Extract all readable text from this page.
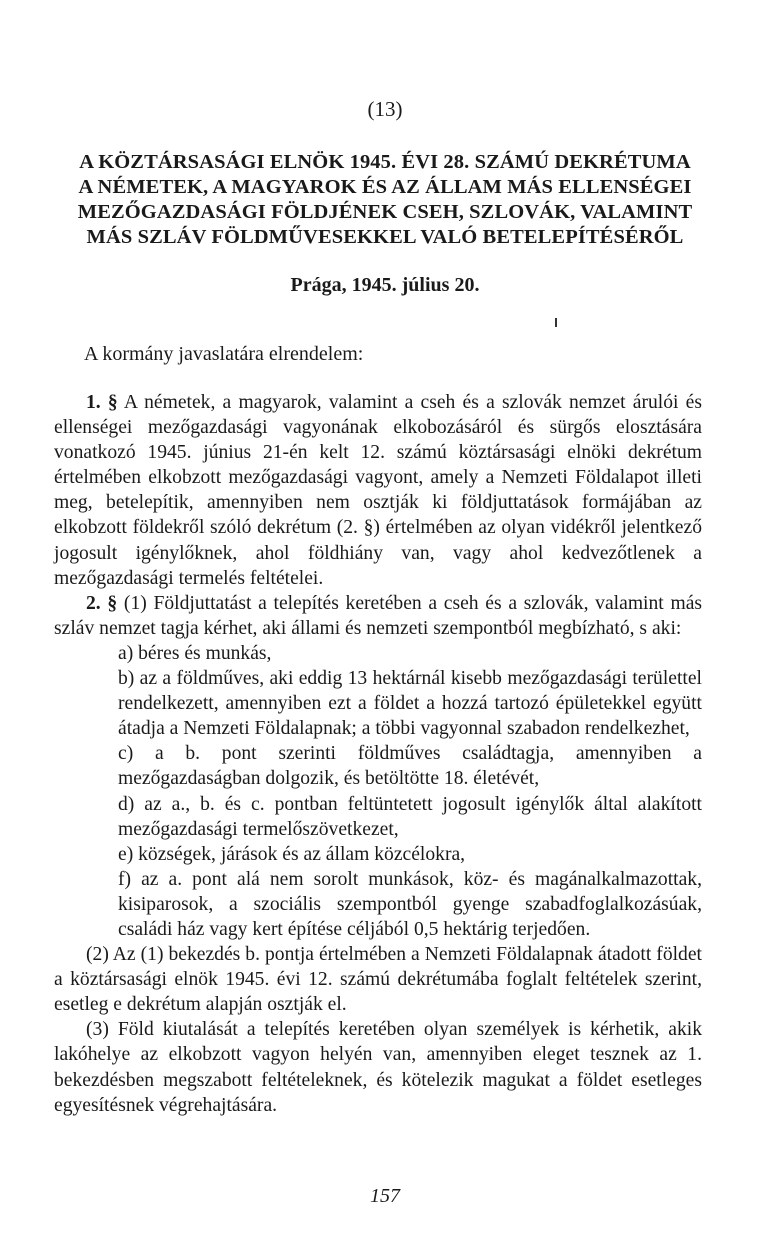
(13)
A KÖZTÁRSASÁGI ELNÖK 1945. ÉVI 28. SZÁMÚ DEKRÉTUMA
A NÉMETEK, A MAGYAROK ÉS AZ ÁLLAM MÁS ELLENSÉGEI
MEZŐGAZDASÁGI FÖLDJÉNEK CSEH, SZLOVÁK, VALAMINT
MÁS SZLÁV FÖLDMŰVESEKKEL VALÓ BETELEPÍTÉSÉRŐL
Prága, 1945. július 20.
A kormány javaslatára elrendelem:

1. § A németek, a magyarok, valamint a cseh és a szlovák nemzet árulói és ellenségei mezőgazdasági vagyonának elkobozásáról és sürgős elosztására vonatkozó 1945. június 21-én kelt 12. számú köztársasági elnöki dekrétum értelmében elkobzott mezőgazdasági vagyont, amely a Nemzeti Földalapot illeti meg, betelepítik, amennyiben nem osztják ki földjuttatások formájában az elkobzott földekről szóló dekrétum (2. §) értelmében az olyan vidékről jelentkező jogosult igénylőknek, ahol földhiány van, vagy ahol kedvezőtlenek a mezőgazdasági termelés feltételei.

2. § (1) Földjuttatást a telepítés keretében a cseh és a szlovák, valamint más szláv nemzet tagja kérhet, aki állami és nemzeti szempontból megbízható, s aki:

a) béres és munkás,

b) az a földműves, aki eddig 13 hektárnál kisebb mezőgazdasági területtel rendelkezett, amennyiben ezt a földet a hozzá tartozó épületekkel együtt átadja a Nemzeti Földalapnak; a többi vagyonnal szabadon rendelkezhet,

c) a b. pont szerinti földműves családtagja, amennyiben a mezőgazdaságban dolgozik, és betöltötte 18. életévét,

d) az a., b. és c. pontban feltüntetett jogosult igénylők által alakított mezőgazdasági termelőszövetkezet,

e) községek, járások és az állam közcélokra,

f) az a. pont alá nem sorolt munkások, köz- és magánalkalmazottak, kisiparosok, a szociális szempontból gyenge szabadfoglalkozásúak, családi ház vagy kert építése céljából 0,5 hektárig terjedően.

(2) Az (1) bekezdés b. pontja értelmében a Nemzeti Földalapnak átadott földet a köztársasági elnök 1945. évi 12. számú dekrétumába foglalt feltételek szerint, esetleg e dekrétum alapján osztják el.

(3) Föld kiutalását a telepítés keretében olyan személyek is kérhetik, akik lakóhelye az elkobzott vagyon helyén van, amennyiben eleget tesznek az 1. bekezdésben megszabott feltételeknek, és kötelezik magukat a földet esetleges egyesítésnek végrehajtására.

157
